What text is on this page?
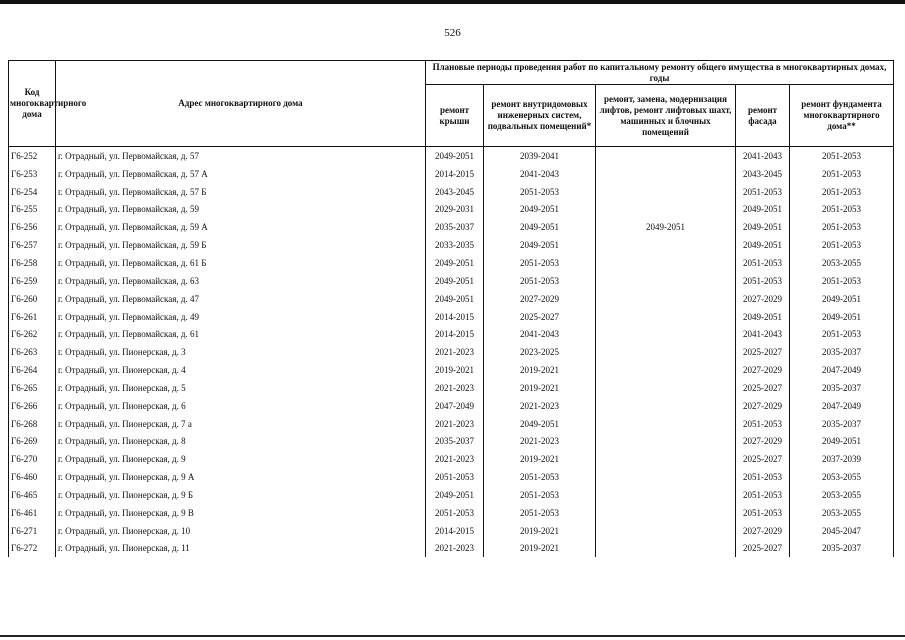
526
Код многоквартирного дома	Адрес многоквартирного дома	Плановые периоды проведения работ по капитальному ремонту общего имущества в многоквартирных домах, годы				
		ремонт крыши	ремонт внутридомовых инженерных систем, подвальных помещений*	ремонт, замена, модернизация лифтов, ремонт лифтовых шахт, машинных и блочных помещений	ремонт фасада	ремонт фундамента многоквартирного дома**
Г6-252	г. Отрадный, ул. Первомайская, д. 57	2049-2051	2039-2041		2041-2043	2051-2053
Г6-253	г. Отрадный, ул. Первомайская, д. 57 А	2014-2015	2041-2043		2043-2045	2051-2053
Г6-254	г. Отрадный, ул. Первомайская, д. 57 Б	2043-2045	2051-2053		2051-2053	2051-2053
Г6-255	г. Отрадный, ул. Первомайская, д. 59	2029-2031	2049-2051		2049-2051	2051-2053
Г6-256	г. Отрадный, ул. Первомайская, д. 59 А	2035-2037	2049-2051	2049-2051	2049-2051	2051-2053
Г6-257	г. Отрадный, ул. Первомайская, д. 59 Б	2033-2035	2049-2051		2049-2051	2051-2053
Г6-258	г. Отрадный, ул. Первомайская, д. 61 Б	2049-2051	2051-2053		2051-2053	2053-2055
Г6-259	г. Отрадный, ул. Первомайская, д. 63	2049-2051	2051-2053		2051-2053	2051-2053
Г6-260	г. Отрадный, ул. Первомайская, д. 47	2049-2051	2027-2029		2027-2029	2049-2051
Г6-261	г. Отрадный, ул. Первомайская, д. 49	2014-2015	2025-2027		2049-2051	2049-2051
Г6-262	г. Отрадный, ул. Первомайская, д. 61	2014-2015	2041-2043		2041-2043	2051-2053
Г6-263	г. Отрадный, ул. Пионерская, д. 3	2021-2023	2023-2025		2025-2027	2035-2037
Г6-264	г. Отрадный, ул. Пионерская, д. 4	2019-2021	2019-2021		2027-2029	2047-2049
Г6-265	г. Отрадный, ул. Пионерская, д. 5	2021-2023	2019-2021		2025-2027	2035-2037
Г6-266	г. Отрадный, ул. Пионерская, д. 6	2047-2049	2021-2023		2027-2029	2047-2049
Г6-268	г. Отрадный, ул. Пионерская, д. 7 а	2021-2023	2049-2051		2051-2053	2035-2037
Г6-269	г. Отрадный, ул. Пионерская, д. 8	2035-2037	2021-2023		2027-2029	2049-2051
Г6-270	г. Отрадный, ул. Пионерская, д. 9	2021-2023	2019-2021		2025-2027	2037-2039
Г6-460	г. Отрадный, ул. Пионерская, д. 9 А	2051-2053	2051-2053		2051-2053	2053-2055
Г6-465	г. Отрадный, ул. Пионерская, д. 9 Б	2049-2051	2051-2053		2051-2053	2053-2055
Г6-461	г. Отрадный, ул. Пионерская, д. 9 В	2051-2053	2051-2053		2051-2053	2053-2055
Г6-271	г. Отрадный, ул. Пионерская, д. 10	2014-2015	2019-2021		2027-2029	2045-2047
Г6-272	г. Отрадный, ул. Пионерская, д. 11	2021-2023	2019-2021		2025-2027	2035-2037
